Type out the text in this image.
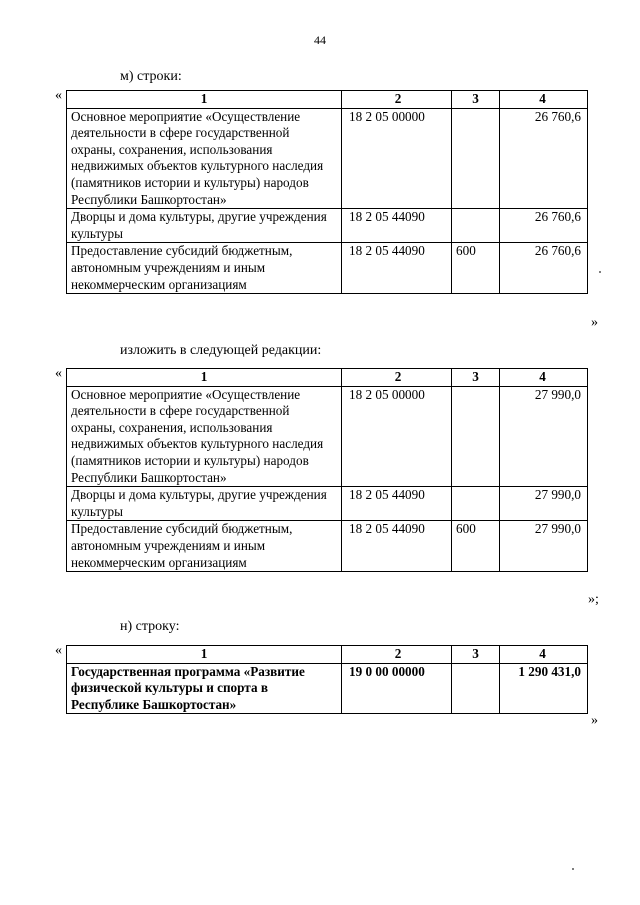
44
м) строки:
«	1	2	3	4
Основное мероприятие «Осуществление деятельности в сфере государственной охраны, сохранения, использования недвижимых объектов культурного наследия (памятников истории и культуры) народов Республики Башкортостан»	18 2 05 00000		26 760,6
Дворцы и дома культуры, другие учреждения культуры	18 2 05 44090		26 760,6
Предоставление субсидий бюджетным, автономным учреждениям и иным некоммерческим организациям	18 2 05 44090	600	26 760,6
»
изложить в следующей редакции:
«	1	2	3	4
Основное мероприятие «Осуществление деятельности в сфере государственной охраны, сохранения, использования недвижимых объектов культурного наследия (памятников истории и культуры) народов Республики Башкортостан»	18 2 05 00000		27 990,0
Дворцы и дома культуры, другие учреждения культуры	18 2 05 44090		27 990,0
Предоставление субсидий бюджетным, автономным учреждениям и иным некоммерческим организациям	18 2 05 44090	600	27 990,0
»;
н) строку:
«	1	2	3	4
Государственная программа «Развитие физической культуры и спорта в Республике Башкортостан»	19 0 00 00000		1 290 431,0
»
